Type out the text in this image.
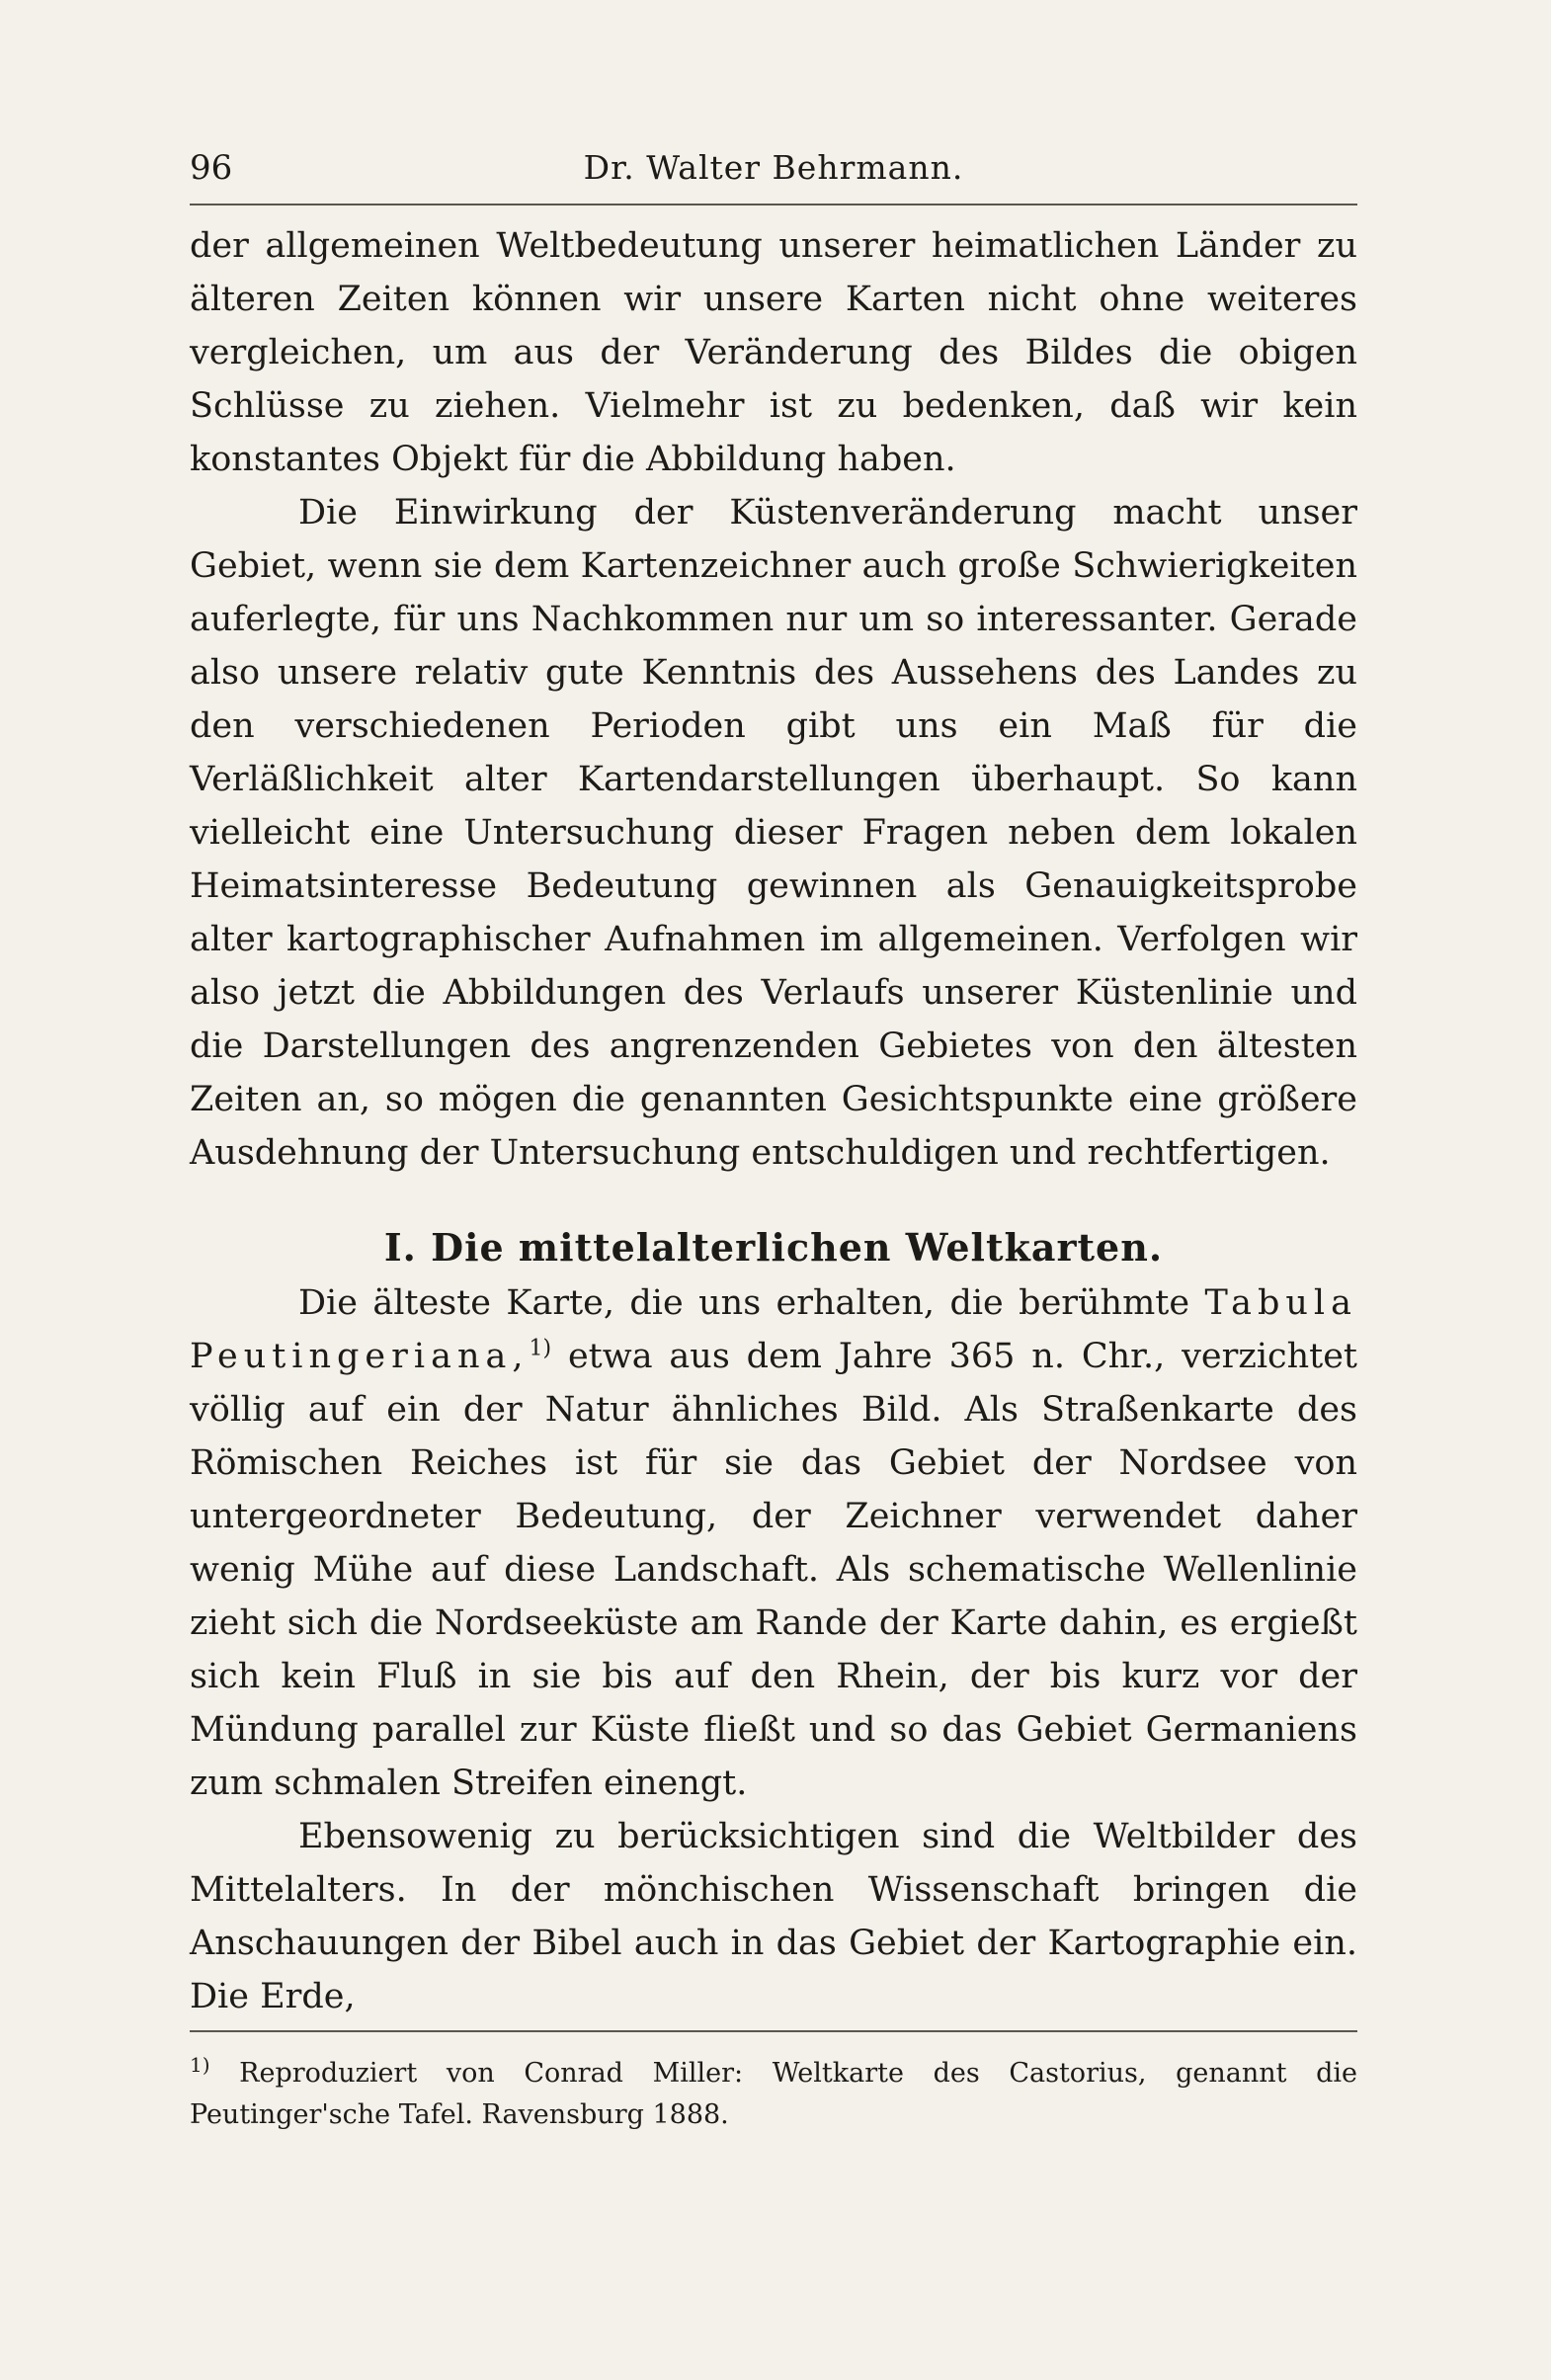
96	Dr. Walter Behrmann.

der allgemeinen Weltbedeutung unserer heimatlichen Länder zu älteren Zeiten können wir unsere Karten nicht ohne weiteres vergleichen, um aus der Veränderung des Bildes die obigen Schlüsse zu ziehen. Vielmehr ist zu bedenken, daß wir kein konstantes Objekt für die Abbildung haben.

Die Einwirkung der Küstenveränderung macht unser Gebiet, wenn sie dem Kartenzeichner auch große Schwierigkeiten auferlegte, für uns Nachkommen nur um so interessanter. Gerade also unsere relativ gute Kenntnis des Aussehens des Landes zu den verschiedenen Perioden gibt uns ein Maß für die Verläßlichkeit alter Kartendarstellungen überhaupt. So kann vielleicht eine Untersuchung dieser Fragen neben dem lokalen Heimatsinteresse Bedeutung gewinnen als Genauigkeitsprobe alter kartographischer Aufnahmen im allgemeinen. Verfolgen wir also jetzt die Abbildungen des Verlaufs unserer Küstenlinie und die Darstellungen des angrenzenden Gebietes von den ältesten Zeiten an, so mögen die genannten Gesichtspunkte eine größere Ausdehnung der Untersuchung entschuldigen und rechtfertigen.

I. Die mittelalterlichen Weltkarten.

Die älteste Karte, die uns erhalten, die berühmte Tabula Peutingeriana,$^{1)}$ etwa aus dem Jahre 365 n. Chr., verzichtet völlig auf ein der Natur ähnliches Bild. Als Straßenkarte des Römischen Reiches ist für sie das Gebiet der Nordsee von untergeordneter Bedeutung, der Zeichner verwendet daher wenig Mühe auf diese Landschaft. Als schematische Wellenlinie zieht sich die Nordseeküste am Rande der Karte dahin, es ergießt sich kein Fluß in sie bis auf den Rhein, der bis kurz vor der Mündung parallel zur Küste fließt und so das Gebiet Germaniens zum schmalen Streifen einengt.

Ebensowenig zu berücksichtigen sind die Weltbilder des Mittelalters. In der mönchischen Wissenschaft bringen die Anschauungen der Bibel auch in das Gebiet der Kartographie ein. Die Erde,

$^{1)}$ Reproduziert von Conrad Miller: Weltkarte des Castorius, genannt die Peutinger'sche Tafel. Ravensburg 1888.
